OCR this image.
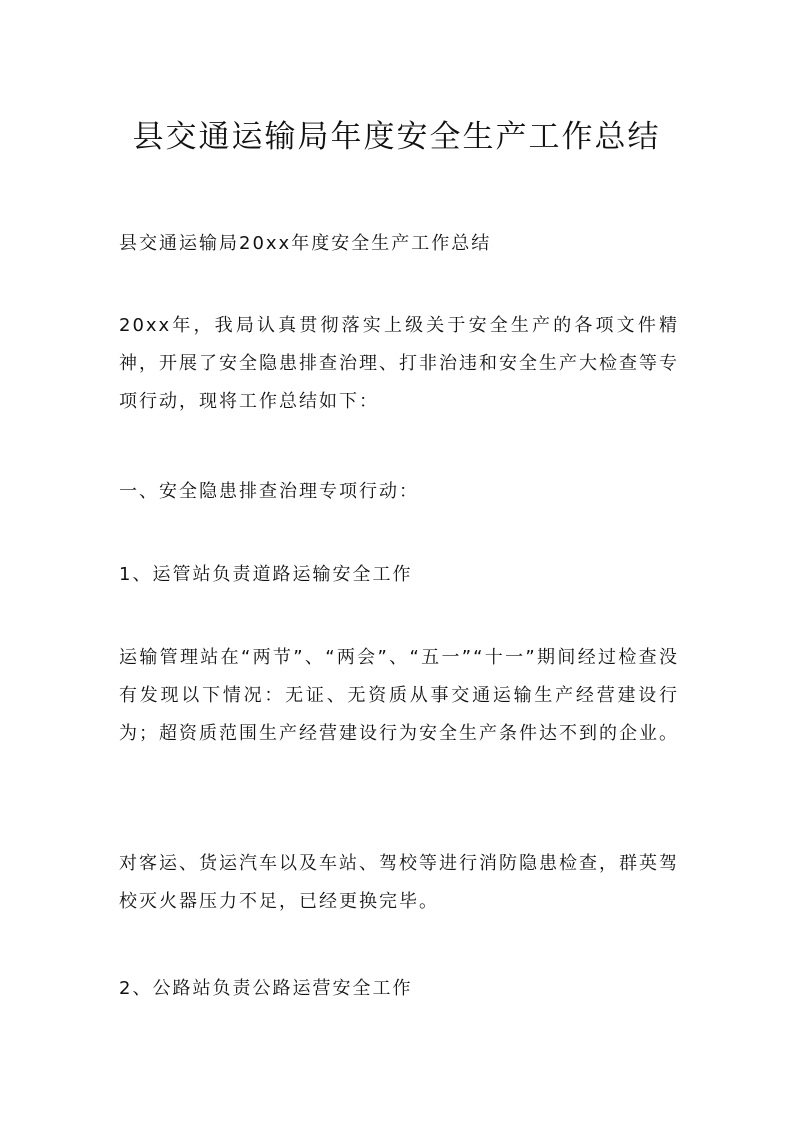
县交通运输局年度安全生产工作总结

县交通运输局20xx年度安全生产工作总结

20xx年，我局认真贯彻落实上级关于安全生产的各项文件精神，开展了安全隐患排查治理、打非治违和安全生产大检查等专项行动，现将工作总结如下：

一、安全隐患排查治理专项行动：

1、运管站负责道路运输安全工作

运输管理站在“两节”、“两会”、“五一”“十一”期间经过检查没有发现以下情况：无证、无资质从事交通运输生产经营建设行为；超资质范围生产经营建设行为安全生产条件达不到的企业。

对客运、货运汽车以及车站、驾校等进行消防隐患检查，群英驾校灭火器压力不足，已经更换完毕。

2、公路站负责公路运营安全工作
